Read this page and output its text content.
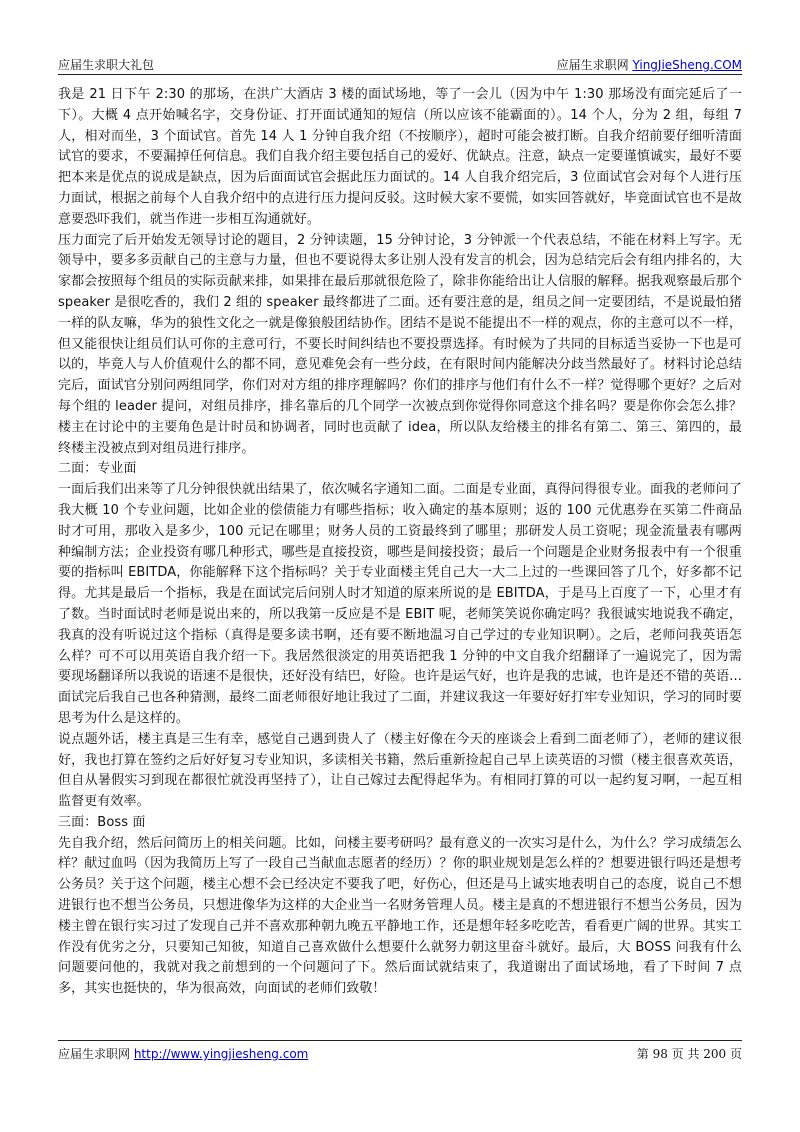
应届生求职大礼包	应届生求职网 YingJieSheng.COM

我是 21 日下午 2:30 的那场，在洪广大酒店 3 楼的面试场地，等了一会儿（因为中午 1:30 那场没有面完延后了一下）。大概 4 点开始喊名字，交身份证、打开面试通知的短信（所以应该不能霸面的）。14 个人，分为 2 组，每组 7 人，相对而坐，3 个面试官。首先 14 人 1 分钟自我介绍（不按顺序），超时可能会被打断。自我介绍前要仔细听清面试官的要求，不要漏掉任何信息。我们自我介绍主要包括自己的爱好、优缺点。注意，缺点一定要谨慎诚实，最好不要把本来是优点的说成是缺点，因为后面面试官会据此压力面试的。14 人自我介绍完后，3 位面试官会对每个人进行压力面试，根据之前每个人自我介绍中的点进行压力提问反驳。这时候大家不要慌，如实回答就好，毕竟面试官也不是故意要恐吓我们，就当作进一步相互沟通就好。

压力面完了后开始发无领导讨论的题目，2 分钟读题，15 分钟讨论，3 分钟派一个代表总结，不能在材料上写字。无领导中，要多多贡献自己的主意与力量，但也不要说得太多让别人没有发言的机会，因为总结完后会有组内排名的，大家都会按照每个组员的实际贡献来排，如果排在最后那就很危险了，除非你能给出让人信服的解释。据我观察最后那个 speaker 是很吃香的，我们 2 组的 speaker 最终都进了二面。还有要注意的是，组员之间一定要团结，不是说最怕猪一样的队友嘛，华为的狼性文化之一就是像狼般团结协作。团结不是说不能提出不一样的观点，你的主意可以不一样，但又能很快让组员们认可你的主意可行，不要长时间纠结也不要投票选择。有时候为了共同的目标适当妥协一下也是可以的，毕竟人与人价值观什么的都不同，意见难免会有一些分歧，在有限时间内能解决分歧当然最好了。材料讨论总结完后，面试官分别问两组同学，你们对对方组的排序理解吗？你们的排序与他们有什么不一样？觉得哪个更好？之后对每个组的 leader 提问，对组员排序，排名靠后的几个同学一次被点到你觉得你同意这个排名吗？要是你你会怎么排？楼主在讨论中的主要角色是计时员和协调者，同时也贡献了 idea，所以队友给楼主的排名有第二、第三、第四的，最终楼主没被点到对组员进行排序。

二面：专业面

一面后我们出来等了几分钟很快就出结果了，依次喊名字通知二面。二面是专业面，真得问得很专业。面我的老师问了我大概 10 个专业问题，比如企业的偿债能力有哪些指标；收入确定的基本原则；返的 100 元优惠券在买第二件商品时才可用，那收入是多少，100 元记在哪里；财务人员的工资最终到了哪里；那研发人员工资呢；现金流量表有哪两种编制方法；企业投资有哪几种形式，哪些是直接投资，哪些是间接投资；最后一个问题是企业财务报表中有一个很重要的指标叫 EBITDA，你能解释下这个指标吗？关于专业面楼主凭自己大一大二上过的一些课回答了几个，好多都不记得。尤其是最后一个指标，我是在面试完后问别人时才知道的原来所说的是 EBITDA，于是马上百度了一下，心里才有了数。当时面试时老师是说出来的，所以我第一反应是不是 EBIT 呢，老师笑笑说你确定吗？我很诚实地说我不确定，我真的没有听说过这个指标（真得是要多读书啊，还有要不断地温习自己学过的专业知识啊）。之后，老师问我英语怎么样？可不可以用英语自我介绍一下。我居然很淡定的用英语把我 1 分钟的中文自我介绍翻译了一遍说完了，因为需要现场翻译所以我说的语速不是很快，还好没有结巴，好险。也许是运气好，也许是我的忠诚，也许是还不错的英语...面试完后我自己也各种猜测，最终二面老师很好地让我过了二面，并建议我这一年要好好打牢专业知识，学习的同时要思考为什么是这样的。

说点题外话，楼主真是三生有幸，感觉自己遇到贵人了（楼主好像在今天的座谈会上看到二面老师了），老师的建议很好，我也打算在签约之后好好复习专业知识，多读相关书籍，然后重新捡起自己早上读英语的习惯（楼主很喜欢英语，但自从暑假实习到现在都很忙就没再坚持了），让自己嫁过去配得起华为。有相同打算的可以一起约复习啊，一起互相监督更有效率。

三面：Boss 面

先自我介绍，然后问简历上的相关问题。比如，问楼主要考研吗？最有意义的一次实习是什么，为什么？学习成绩怎么样？献过血吗（因为我简历上写了一段自己当献血志愿者的经历）？你的职业规划是怎么样的？想要进银行吗还是想考公务员？关于这个问题，楼主心想不会已经决定不要我了吧，好伤心，但还是马上诚实地表明自己的态度，说自己不想进银行也不想当公务员，只想进像华为这样的大企业当一名财务管理人员。楼主是真的不想进银行不想当公务员，因为楼主曾在银行实习过了发现自己并不喜欢那种朝九晚五平静地工作，还是想年轻多吃吃苦，看看更广阔的世界。其实工作没有优劣之分，只要知己知彼，知道自己喜欢做什么想要什么就努力朝这里奋斗就好。最后，大 BOSS 问我有什么问题要问他的，我就对我之前想到的一个问题问了下。然后面试就结束了，我道谢出了面试场地，看了下时间 7 点多，其实也挺快的，华为很高效，向面试的老师们致敬！

应届生求职网 http://www.yingjiesheng.com	第 98 页 共 200 页
